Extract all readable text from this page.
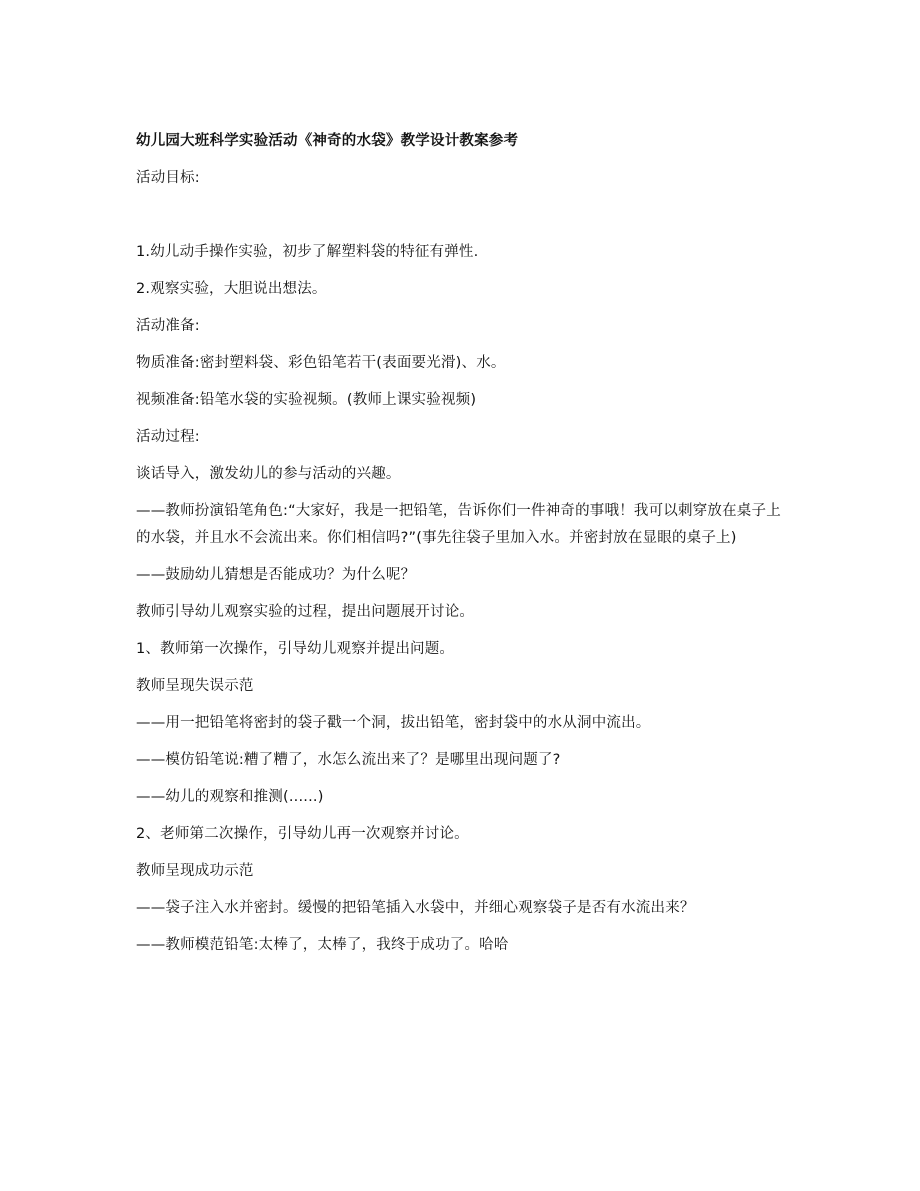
幼儿园大班科学实验活动《神奇的水袋》教学设计教案参考

活动目标:

1.幼儿动手操作实验，初步了解塑料袋的特征有弹性.

2.观察实验，大胆说出想法。

活动准备:

物质准备:密封塑料袋、彩色铅笔若干(表面要光滑)、水。

视频准备:铅笔水袋的实验视频。(教师上课实验视频)

活动过程:

谈话导入，激发幼儿的参与活动的兴趣。

——教师扮演铅笔角色:“大家好，我是一把铅笔，告诉你们一件神奇的事哦！我可以刺穿放在桌子上的水袋，并且水不会流出来。你们相信吗?”(事先往袋子里加入水。并密封放在显眼的桌子上)

——鼓励幼儿猜想是否能成功？为什么呢？

教师引导幼儿观察实验的过程，提出问题展开讨论。

1、教师第一次操作，引导幼儿观察并提出问题。

教师呈现失误示范

——用一把铅笔将密封的袋子戳一个洞，拔出铅笔，密封袋中的水从洞中流出。

——模仿铅笔说:糟了糟了，水怎么流出来了？是哪里出现问题了?

——幼儿的观察和推测(......)

2、老师第二次操作，引导幼儿再一次观察并讨论。

教师呈现成功示范

——袋子注入水并密封。缓慢的把铅笔插入水袋中，并细心观察袋子是否有水流出来？

——教师模范铅笔:太棒了，太棒了，我终于成功了。哈哈
